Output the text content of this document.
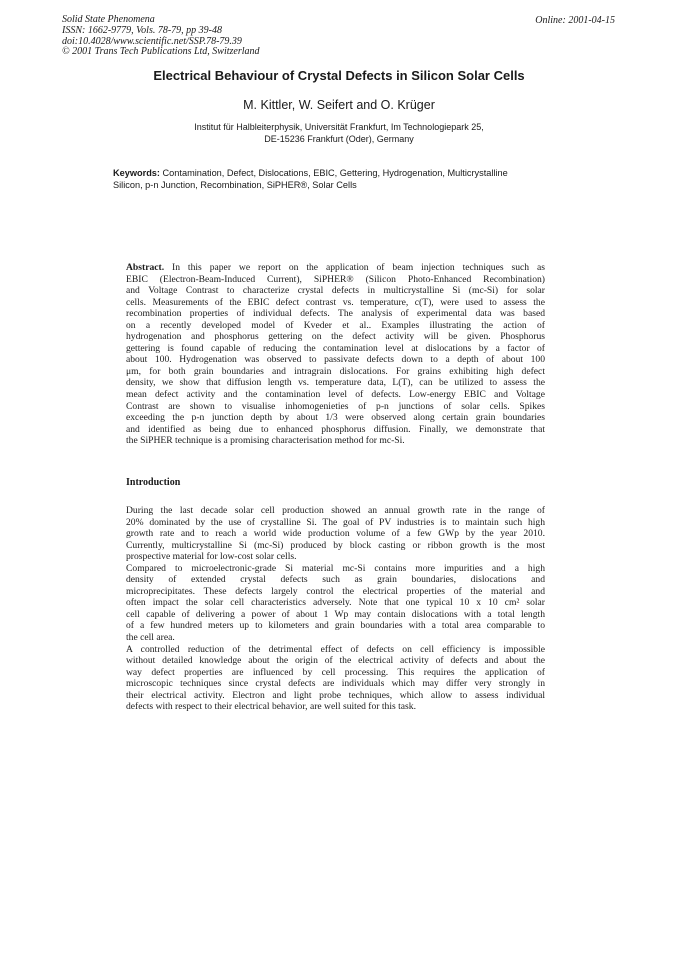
Solid State Phenomena
ISSN: 1662-9779, Vols. 78-79, pp 39-48
doi:10.4028/www.scientific.net/SSP.78-79.39
© 2001 Trans Tech Publications Ltd, Switzerland
Online: 2001-04-15
Electrical Behaviour of Crystal Defects in Silicon Solar Cells
M. Kittler, W. Seifert and O. Krüger
Institut für Halbleiterphysik, Universität Frankfurt, Im Technologiepark 25,
DE-15236 Frankfurt (Oder), Germany
Keywords: Contamination, Defect, Dislocations, EBIC, Gettering, Hydrogenation, Multicrystalline
Silicon, p-n Junction, Recombination, SiPHER®, Solar Cells
Abstract. In this paper we report on the application of beam injection techniques such as
EBIC (Electron-Beam-Induced Current), SiPHER® (Silicon Photo-Enhanced Recombination)
and Voltage Contrast to characterize crystal defects in multicrystalline Si (mc-Si) for solar
cells. Measurements of the EBIC defect contrast vs. temperature, c(T), were used to assess the
recombination properties of individual defects. The analysis of experimental data was based
on a recently developed model of Kveder et al.. Examples illustrating the action of
hydrogenation and phosphorus gettering on the defect activity will be given. Phosphorus
gettering is found capable of reducing the contamination level at dislocations by a factor of
about 100. Hydrogenation was observed to passivate defects down to a depth of about 100
μm, for both grain boundaries and intragrain dislocations. For grains exhibiting high defect
density, we show that diffusion length vs. temperature data, L(T), can be utilized to assess the
mean defect activity and the contamination level of defects. Low-energy EBIC and Voltage
Contrast are shown to visualise inhomogenieties of p-n junctions of solar cells. Spikes
exceeding the p-n junction depth by about 1/3 were observed along certain grain boundaries
and identified as being due to enhanced phosphorus diffusion. Finally, we demonstrate that
the SiPHER technique is a promising characterisation method for mc-Si.
Introduction
During the last decade solar cell production showed an annual growth rate in the range of
20% dominated by the use of crystalline Si. The goal of PV industries is to maintain such high
growth rate and to reach a world wide production volume of a few GWp by the year 2010.
Currently, multicrystalline Si (mc-Si) produced by block casting or ribbon growth is the most
prospective material for low-cost solar cells.
Compared to microelectronic-grade Si material mc-Si contains more impurities and a high
density of extended crystal defects such as grain boundaries, dislocations and
microprecipitates. These defects largely control the electrical properties of the material and
often impact the solar cell characteristics adversely. Note that one typical 10 x 10 cm² solar
cell capable of delivering a power of about 1 Wp may contain dislocations with a total length
of a few hundred meters up to kilometers and grain boundaries with a total area comparable to
the cell area.
A controlled reduction of the detrimental effect of defects on cell efficiency is impossible
without detailed knowledge about the origin of the electrical activity of defects and about the
way defect properties are influenced by cell processing. This requires the application of
microscopic techniques since crystal defects are individuals which may differ very strongly in
their electrical activity. Electron and light probe techniques, which allow to assess individual
defects with respect to their electrical behavior, are well suited for this task.
